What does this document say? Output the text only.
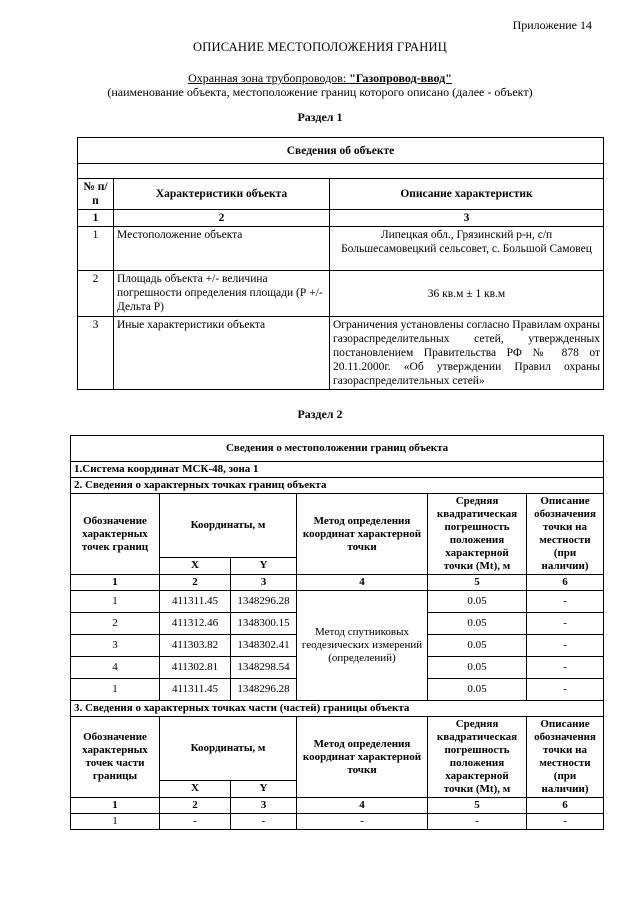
Приложение 14
ОПИСАНИЕ МЕСТОПОЛОЖЕНИЯ ГРАНИЦ
Охранная зона трубопроводов: "Газопровод-ввод"
(наименование объекта, местоположение границ которого описано (далее - объект)
Раздел 1
Сведения об объекте		

№ п/п	Характеристики объекта	Описание характеристик
1	2	3
1	Местоположение объекта	Липецкая обл., Грязинский р-н, с/п Большесамовецкий сельсовет, с. Большой Самовец
2	Площадь объекта +/- величина погрешности определения площади (Р +/- Дельта Р)	36 кв.м ± 1 кв.м
3	Иные характеристики объекта	Ограничения установлены согласно Правилам охраны газораспределительных сетей, утвержденных постановлением Правительства РФ № 878 от 20.11.2000г. «Об утверждении Правил охраны газораспределительных сетей»
Раздел 2
Сведения о местоположении границ объекта					
1.Система координат МСК-48, зона 1					
2. Сведения о характерных точках границ объекта					
Обозначение характерных точек границ	Координаты, м		Метод определения координат характерной точки	Средняя квадратическая погрешность положения характерной точки (Mt), м	Описание обозначения точки на местности (при наличии)
	X	Y			
1	2	3	4	5	6
1	411311.45	1348296.28	Метод спутниковых геодезических измерений (определений)	0.05	-
2	411312.46	1348300.15		0.05	-
3	411303.82	1348302.41		0.05	-
4	411302.81	1348298.54		0.05	-
1	411311.45	1348296.28		0.05	-
3. Сведения о характерных точках части (частей) границы объекта					
Обозначение характерных точек части границы	Координаты, м		Метод определения координат характерной точки	Средняя квадратическая погрешность положения характерной точки (Mt), м	Описание обозначения точки на местности (при наличии)
	X	Y			
1	2	3	4	5	6
1	-	-	-	-	-
